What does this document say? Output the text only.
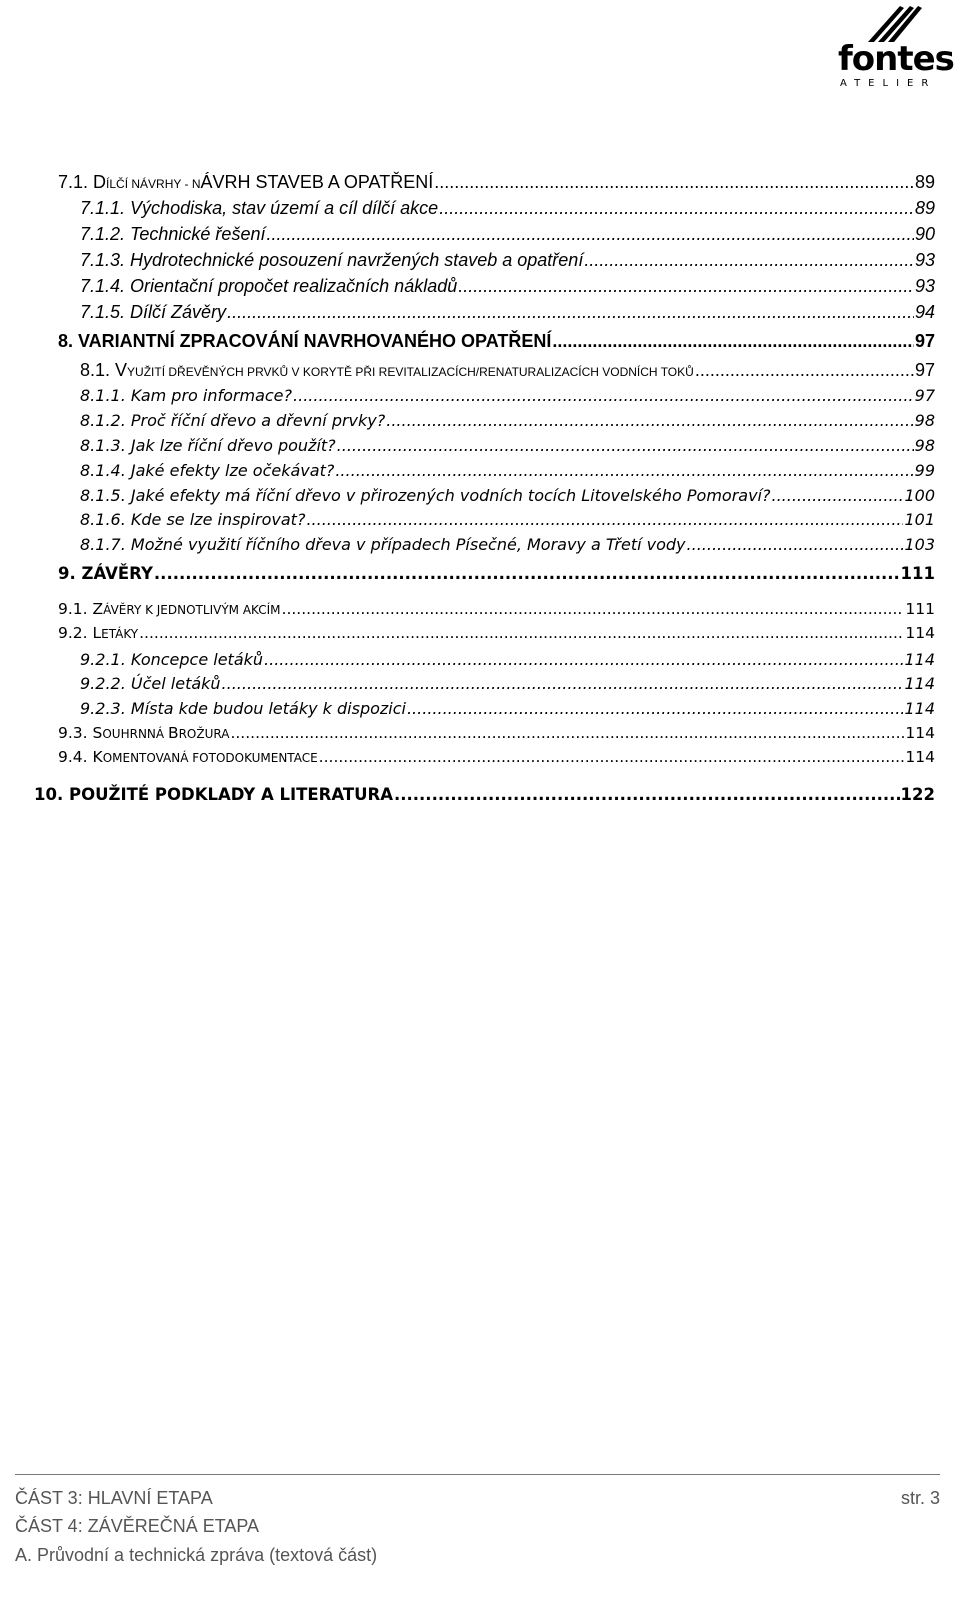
fontes
ATELIER
7.1. DÍLČÍ NÁVRHY - NÁVRH STAVEB A OPATŘENÍ .....	89
7.1.1. Východiska, stav území a cíl dílčí akce .....	89
7.1.2. Technické řešení .....	90
7.1.3. Hydrotechnické posouzení navržených staveb a opatření .....	93
7.1.4. Orientační propočet realizačních nákladů .....	93
7.1.5. Dílčí Závěry .....	94
8. VARIANTNÍ ZPRACOVÁNÍ NAVRHOVANÉHO OPATŘENÍ .....	97
8.1. VYUŽITÍ DŘEVĚNÝCH PRVKŮ V KORYTĚ PŘI REVITALIZACÍCH/RENATURALIZACÍCH VODNÍCH TOKŮ .....	97
8.1.1. Kam pro informace? .....	97
8.1.2. Proč říční dřevo a dřevní prvky? .....	98
8.1.3. Jak lze říční dřevo použít? .....	98
8.1.4. Jaké efekty lze očekávat? .....	99
8.1.5. Jaké efekty má říční dřevo v přirozených vodních tocích Litovelského Pomoraví? .....	100
8.1.6. Kde se lze inspirovat? .....	101
8.1.7. Možné využití říčního dřeva v případech Písečné, Moravy a Třetí vody .....	103
9. ZÁVĚRY .....	111
9.1. ZÁVĚRY K JEDNOTLIVÝM AKCÍM .....	111
9.2. LETÁKY .....	114
9.2.1. Koncepce letáků .....	114
9.2.2. Účel letáků .....	114
9.2.3. Místa kde budou letáky k dispozici .....	114
9.3. SOUHRNNÁ BROŽURA .....	114
9.4. KOMENTOVANÁ FOTODOKUMENTACE .....	114
10. POUŽITÉ PODKLADY A LITERATURA .....	122
ČÁST 3: HLAVNÍ ETAPA	str. 3
ČÁST 4: ZÁVĚREČNÁ ETAPA
A. Průvodní a technická zpráva (textová část)
